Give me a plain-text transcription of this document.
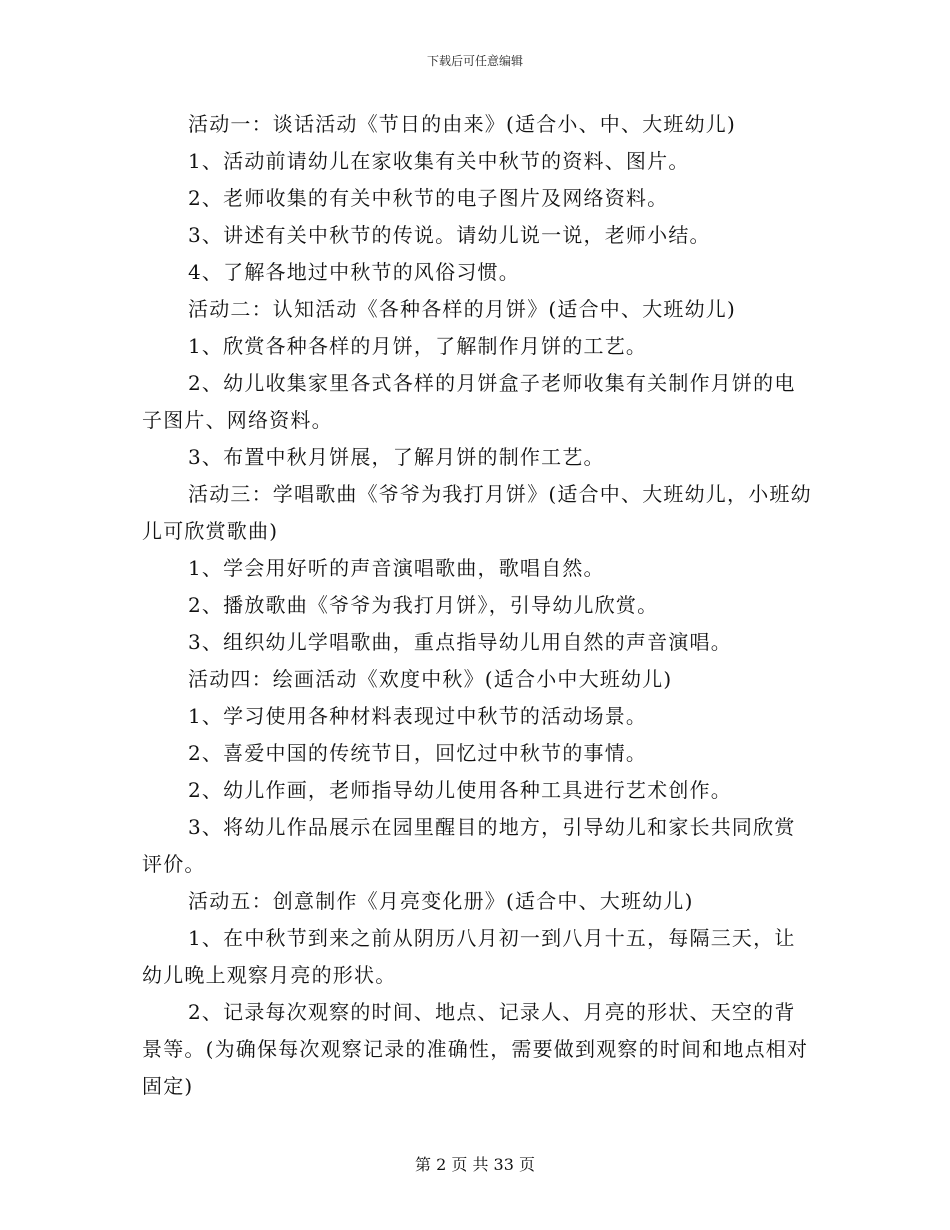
下载后可任意编辑

活动一：谈话活动《节日的由来》(适合小、中、大班幼儿)

1、活动前请幼儿在家收集有关中秋节的资料、图片。

2、老师收集的有关中秋节的电子图片及网络资料。

3、讲述有关中秋节的传说。请幼儿说一说，老师小结。

4、了解各地过中秋节的风俗习惯。

活动二：认知活动《各种各样的月饼》(适合中、大班幼儿)

1、欣赏各种各样的月饼，了解制作月饼的工艺。

2、幼儿收集家里各式各样的月饼盒子老师收集有关制作月饼的电子图片、网络资料。

3、布置中秋月饼展，了解月饼的制作工艺。

活动三：学唱歌曲《爷爷为我打月饼》(适合中、大班幼儿，小班幼儿可欣赏歌曲)

1、学会用好听的声音演唱歌曲，歌唱自然。

2、播放歌曲《爷爷为我打月饼》，引导幼儿欣赏。

3、组织幼儿学唱歌曲，重点指导幼儿用自然的声音演唱。

活动四：绘画活动《欢度中秋》(适合小中大班幼儿)

1、学习使用各种材料表现过中秋节的活动场景。

2、喜爱中国的传统节日，回忆过中秋节的事情。

2、幼儿作画，老师指导幼儿使用各种工具进行艺术创作。

3、将幼儿作品展示在园里醒目的地方，引导幼儿和家长共同欣赏评价。

活动五：创意制作《月亮变化册》(适合中、大班幼儿)

1、在中秋节到来之前从阴历八月初一到八月十五，每隔三天，让幼儿晚上观察月亮的形状。

2、记录每次观察的时间、地点、记录人、月亮的形状、天空的背景等。(为确保每次观察记录的准确性，需要做到观察的时间和地点相对固定)

第 2 页 共 33 页
